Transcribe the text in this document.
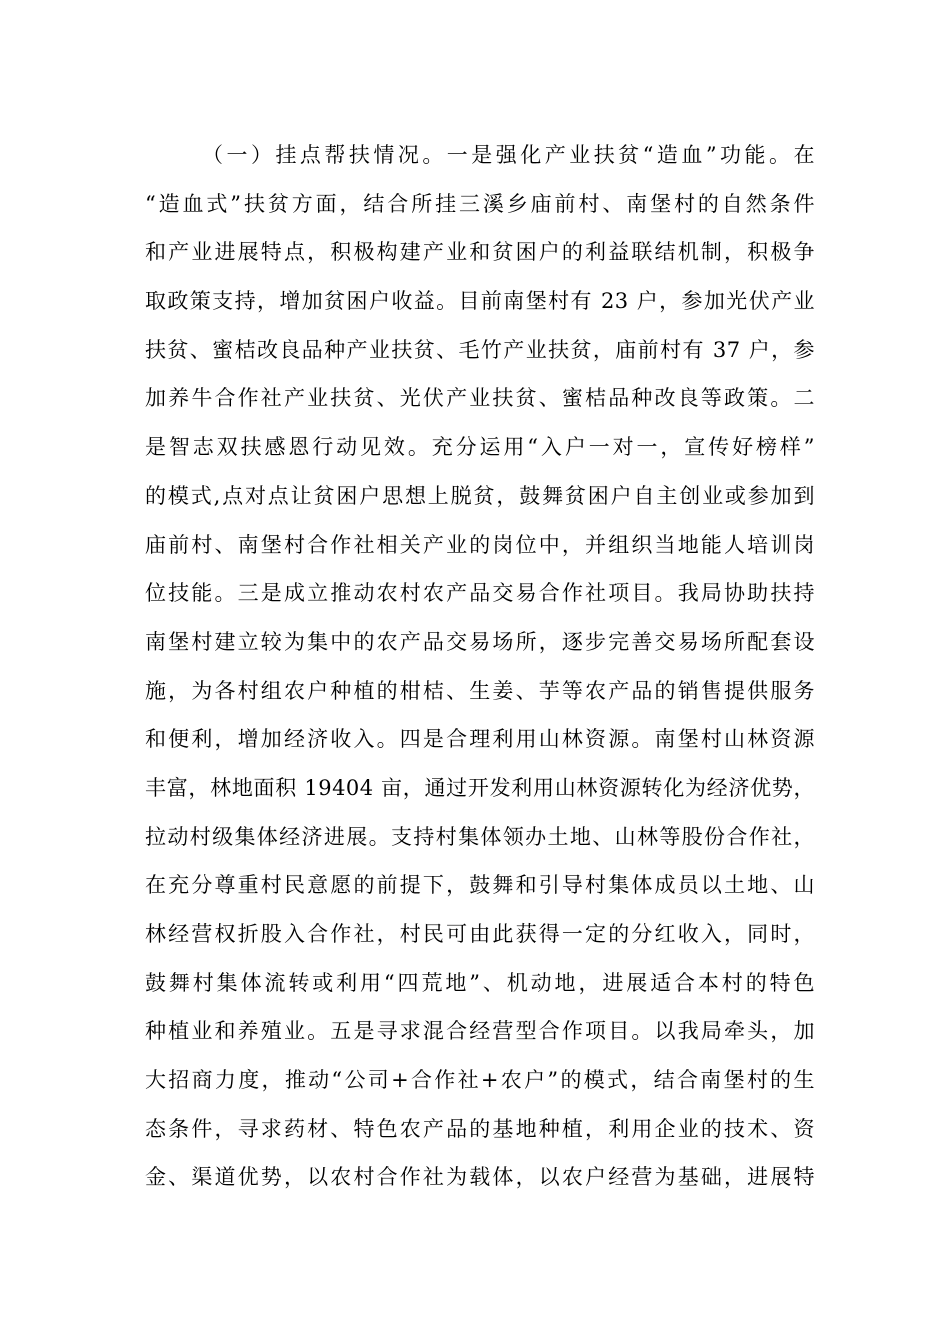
（一）挂点帮扶情况。一是强化产业扶贫“造血”功能。在
“造血式”扶贫方面，结合所挂三溪乡庙前村、南堡村的自然条件
和产业进展特点，积极构建产业和贫困户的利益联结机制，积极争
取政策支持，增加贫困户收益。目前南堡村有 23 户，参加光伏产业
扶贫、蜜桔改良品种产业扶贫、毛竹产业扶贫，庙前村有 37 户，参
加养牛合作社产业扶贫、光伏产业扶贫、蜜桔品种改良等政策。二
是智志双扶感恩行动见效。充分运用“入户一对一，宣传好榜样”
的模式,点对点让贫困户思想上脱贫，鼓舞贫困户自主创业或参加到
庙前村、南堡村合作社相关产业的岗位中，并组织当地能人培训岗
位技能。三是成立推动农村农产品交易合作社项目。我局协助扶持
南堡村建立较为集中的农产品交易场所，逐步完善交易场所配套设
施，为各村组农户种植的柑桔、生姜、芋等农产品的销售提供服务
和便利，增加经济收入。四是合理利用山林资源。南堡村山林资源
丰富，林地面积 19404 亩，通过开发利用山林资源转化为经济优势，
拉动村级集体经济进展。支持村集体领办土地、山林等股份合作社，
在充分尊重村民意愿的前提下，鼓舞和引导村集体成员以土地、山
林经营权折股入合作社，村民可由此获得一定的分红收入，同时，
鼓舞村集体流转或利用“四荒地”、机动地，进展适合本村的特色
种植业和养殖业。五是寻求混合经营型合作项目。以我局牵头，加
大招商力度，推动“公司+合作社+农户”的模式，结合南堡村的生
态条件，寻求药材、特色农产品的基地种植，利用企业的技术、资
金、渠道优势，以农村合作社为载体，以农户经营为基础，进展特
